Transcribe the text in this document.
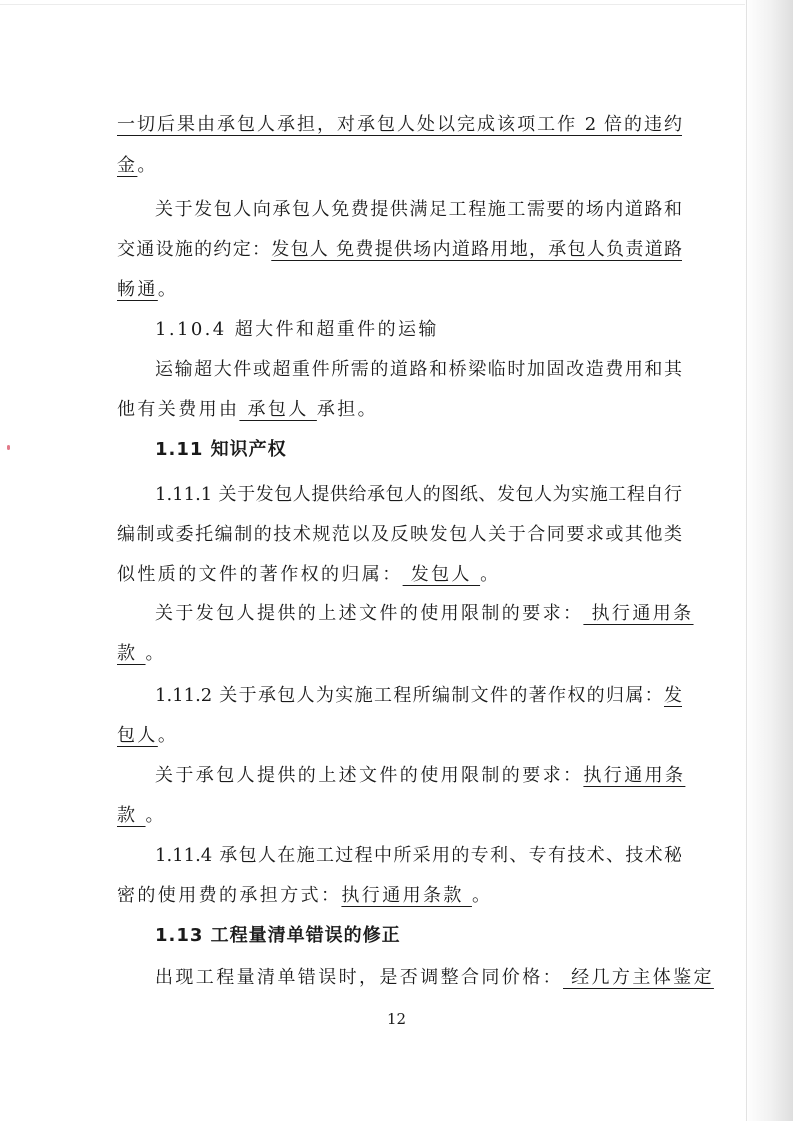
一切后果由承包人承担，对承包人处以完成该项工作 2 倍的违约
金。
关于发包人向承包人免费提供满足工程施工需要的场内道路和
交通设施的约定：发包人 免费提供场内道路用地，承包人负责道路
畅通。
1.10.4 超大件和超重件的运输
运输超大件或超重件所需的道路和桥梁临时加固改造费用和其
他有关费用由 承包人 承担。
1.11 知识产权
1.11.1 关于发包人提供给承包人的图纸、发包人为实施工程自行
编制或委托编制的技术规范以及反映发包人关于合同要求或其他类
似性质的文件的著作权的归属： 发包人 。
关于发包人提供的上述文件的使用限制的要求： 执行通用条
款 。
1.11.2 关于承包人为实施工程所编制文件的著作权的归属：发
包人。
关于承包人提供的上述文件的使用限制的要求：执行通用条
款 。
1.11.4 承包人在施工过程中所采用的专利、专有技术、技术秘
密的使用费的承担方式：执行通用条款 。
1.13 工程量清单错误的修正
出现工程量清单错误时，是否调整合同价格： 经几方主体鉴定
12
